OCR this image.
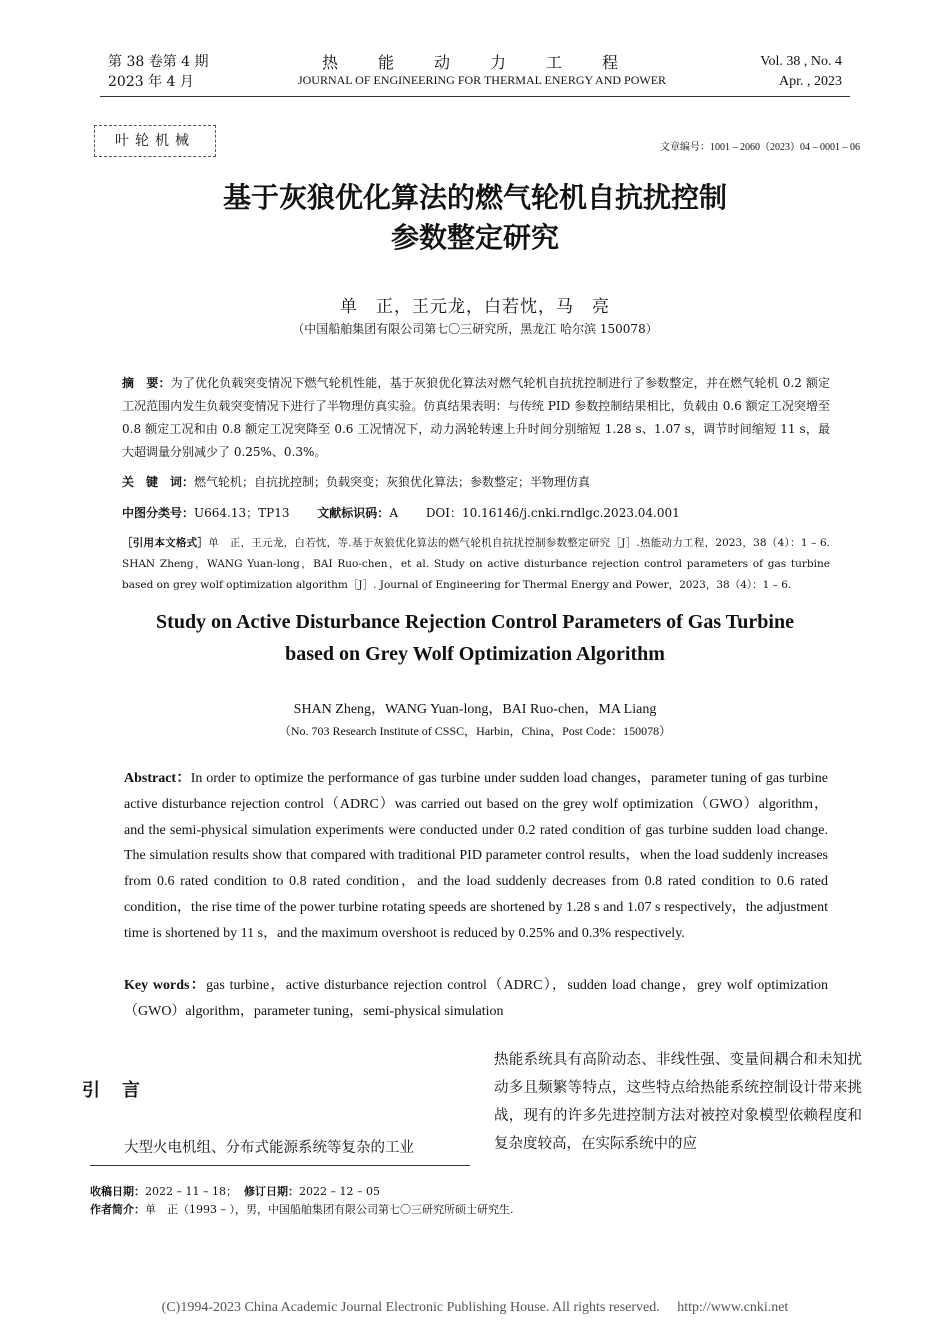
第 38 卷第 4 期
2023 年 4 月
热能动力工程
JOURNAL OF ENGINEERING FOR THERMAL ENERGY AND POWER
Vol. 38 , No. 4
Apr. , 2023
叶轮机械	文章编号：1001 – 2060（2023）04 – 0001 – 06
基于灰狼优化算法的燃气轮机自抗扰控制
参数整定研究
单　正，王元龙，白若忱，马　亮
（中国船舶集团有限公司第七〇三研究所，黑龙江 哈尔滨 150078）
摘　要：为了优化负载突变情况下燃气轮机性能，基于灰狼优化算法对燃气轮机自抗扰控制进行了参数整定，并在燃气轮机 0.2 额定工况范围内发生负载突变情况下进行了半物理仿真实验。仿真结果表明：与传统 PID 参数控制结果相比，负载由 0.6 额定工况突增至 0.8 额定工况和由 0.8 额定工况突降至 0.6 工况情况下，动力涡轮转速上升时间分别缩短 1.28 s、1.07 s，调节时间缩短 11 s，最大超调量分别减少了 0.25%、0.3%。
关　键　词：燃气轮机；自抗扰控制；负载突变；灰狼优化算法；参数整定；半物理仿真
中图分类号：U664.13；TP13 文献标识码：A DOI：10.16146/j.cnki.rndlgc.2023.04.001
［引用本文格式］单　正，王元龙，白若忱，等.基于灰狼优化算法的燃气轮机自抗扰控制参数整定研究［J］.热能动力工程，2023，38（4）：1 – 6. SHAN Zheng，WANG Yuan-long，BAI Ruo-chen，et al. Study on active disturbance rejection control parameters of gas turbine based on grey wolf optimization algorithm［J］. Journal of Engineering for Thermal Energy and Power，2023，38（4）：1 – 6.
Study on Active Disturbance Rejection Control Parameters of Gas Turbine
based on Grey Wolf Optimization Algorithm
SHAN Zheng，WANG Yuan-long，BAI Ruo-chen，MA Liang
（No. 703 Research Institute of CSSC，Harbin，China，Post Code：150078）
Abstract：In order to optimize the performance of gas turbine under sudden load changes，parameter tuning of gas turbine active disturbance rejection control（ADRC）was carried out based on the grey wolf optimization（GWO）algorithm，and the semi-physical simulation experiments were conducted under 0.2 rated condition of gas turbine sudden load change. The simulation results show that compared with traditional PID parameter control results，when the load suddenly increases from 0.6 rated condition to 0.8 rated condition，and the load suddenly decreases from 0.8 rated condition to 0.6 rated condition，the rise time of the power turbine rotating speeds are shortened by 1.28 s and 1.07 s respectively，the adjustment time is shortened by 11 s，and the maximum overshoot is reduced by 0.25% and 0.3% respectively.
Key words：gas turbine，active disturbance rejection control（ADRC），sudden load change，grey wolf optimization（GWO）algorithm，parameter tuning，semi-physical simulation
引言
大型火电机组、分布式能源系统等复杂的工业
热能系统具有高阶动态、非线性强、变量间耦合和未知扰动多且频繁等特点，这些特点给热能系统控制设计带来挑战，现有的许多先进控制方法对被控对象模型依赖程度和复杂度较高，在实际系统中的应
收稿日期：2022 – 11 – 18； 修订日期：2022 – 12 – 05
作者简介：单　正（1993 – ），男，中国船舶集团有限公司第七〇三研究所硕士研究生.
(C)1994-2023 China Academic Journal Electronic Publishing House. All rights reserved.　 http://www.cnki.net
